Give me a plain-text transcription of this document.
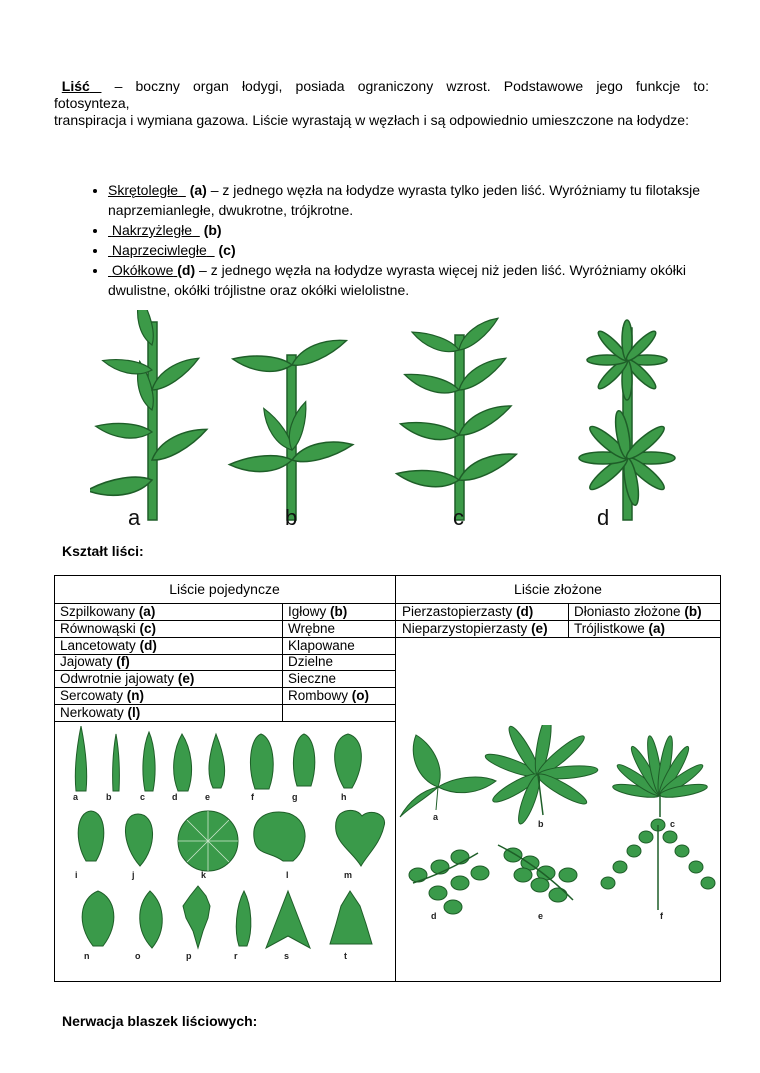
Liść	– boczny organ łodygi, posiada ograniczony wzrost. Podstawowe jego funkcje to:
fotosynteza,
transpiracja i wymiana gazowa. Liście wyrastają w węzłach i są odpowiednio umieszczone na łodydze:
• Skrętoległe (a) – z jednego węzła na łodydze wyrasta tylko jeden liść. Wyróżniamy tu filotaksje naprzemianległe, dwukrotne, trójkrotne.
• Nakrzyżległe (b)
• Naprzeciwległe (c)
• Okółkowe (d) – z jednego węzła na łodydze wyrasta więcej niż jeden liść. Wyróżniamy okółki dwulistne, okółki trójlistne oraz okółki wielolistne.
a	b	c	d
Kształt liści:
Liście pojedyncze	Liście złożone
Szpilkowany (a)	Igłowy (b)
Równowąski (c)	Wrębne
Lancetowaty (d)	Klapowane
Jajowaty (f)	Dzielne
Odwrotnie jajowaty (e)	Sieczne
Sercowaty (n)	Rombowy (o)
Nerkowaty (l)
Pierzastopierzasty (d)	Dłoniasto złożone (b)
Nieparzystopierzasty (e)	Trójlistkowe (a)
a	b	c	d	e	f	g	h
i	j	k	l	m
n	o	p	r	s	t
a
b	c
d	e	f
Nerwacja blaszek liściowych:
